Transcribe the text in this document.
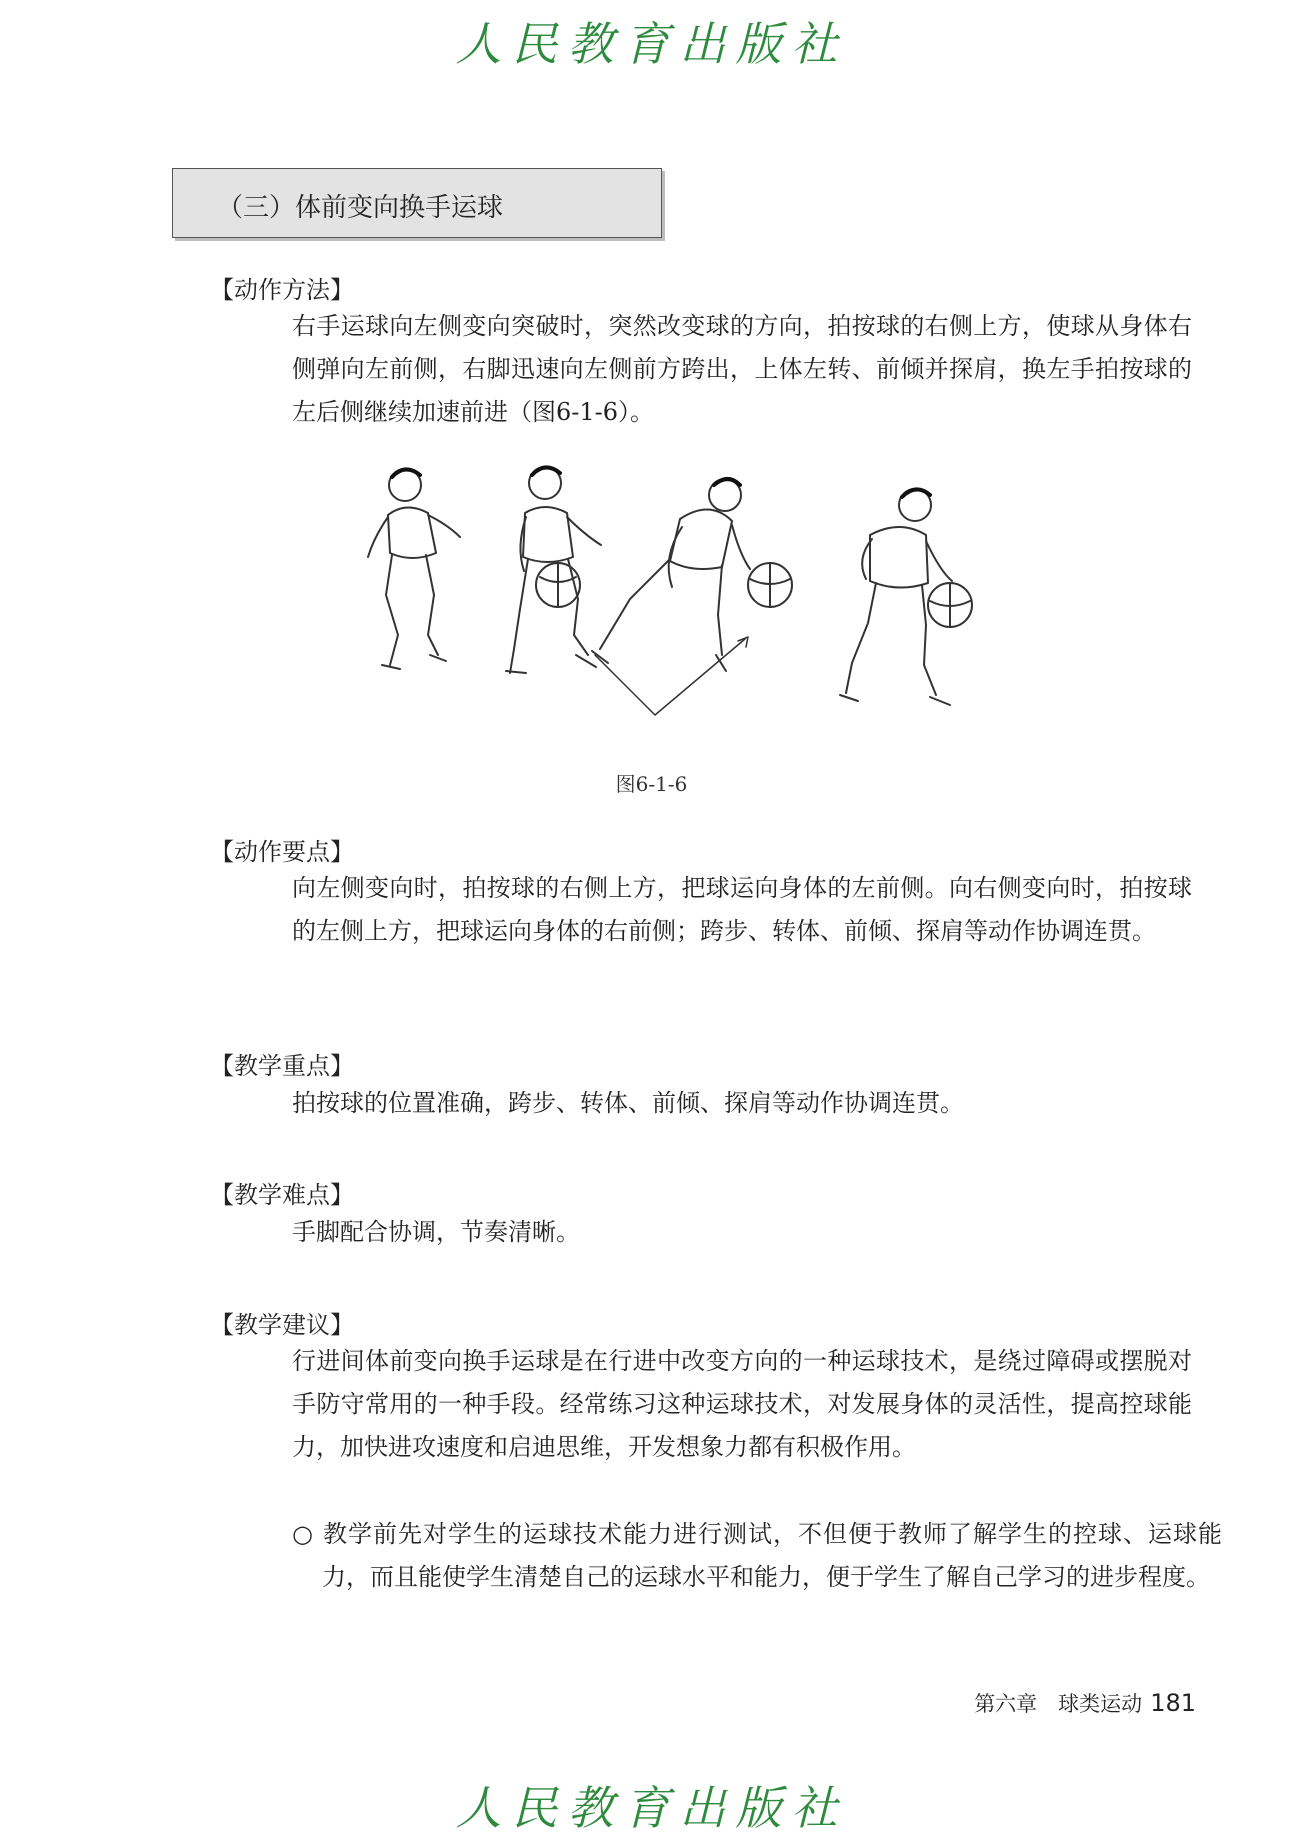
人民教育出版社
（三）体前变向换手运球
【动作方法】

右手运球向左侧变向突破时，突然改变球的方向，拍按球的右侧上方，使球从身体右侧弹向左前侧，右脚迅速向左侧前方跨出，上体左转、前倾并探肩，换左手拍按球的左后侧继续加速前进（图6-1-6）。

图6-1-6
【动作要点】

向左侧变向时，拍按球的右侧上方，把球运向身体的左前侧。向右侧变向时，拍按球的左侧上方，把球运向身体的右前侧；跨步、转体、前倾、探肩等动作协调连贯。

【教学重点】

拍按球的位置准确，跨步、转体、前倾、探肩等动作协调连贯。

【教学难点】

手脚配合协调，节奏清晰。

【教学建议】

行进间体前变向换手运球是在行进中改变方向的一种运球技术，是绕过障碍或摆脱对手防守常用的一种手段。经常练习这种运球技术，对发展身体的灵活性，提高控球能力，加快进攻速度和启迪思维，开发想象力都有积极作用。

○ 教学前先对学生的运球技术能力进行测试，不但便于教师了解学生的控球、运球能力，而且能使学生清楚自己的运球水平和能力，便于学生了解自己学习的进步程度。

第六章　球类运动 181
人民教育出版社
